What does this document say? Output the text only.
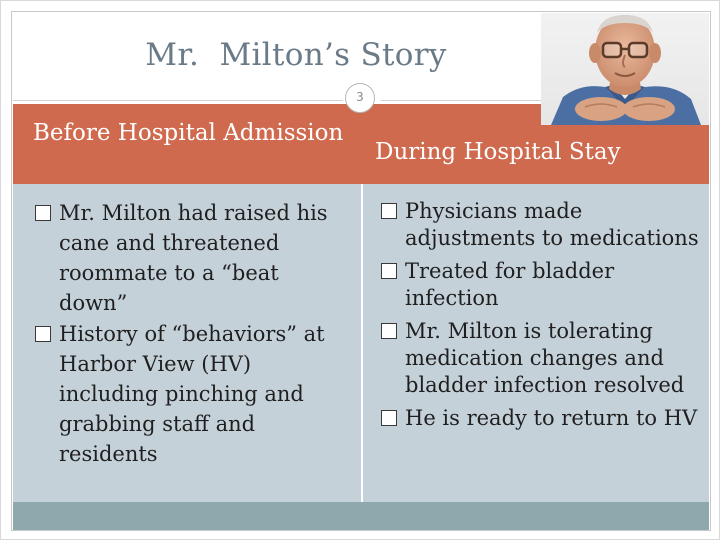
Mr.  Milton’s Story
3
Before Hospital Admission
During Hospital Stay
Mr. Milton had raised his cane and threatened roommate to a “beat down”
History of “behaviors” at Harbor View (HV) including pinching and grabbing staff and residents
Physicians made adjustments to medications
Treated for bladder infection
Mr. Milton is tolerating medication changes and bladder infection resolved
He is ready to return to HV
